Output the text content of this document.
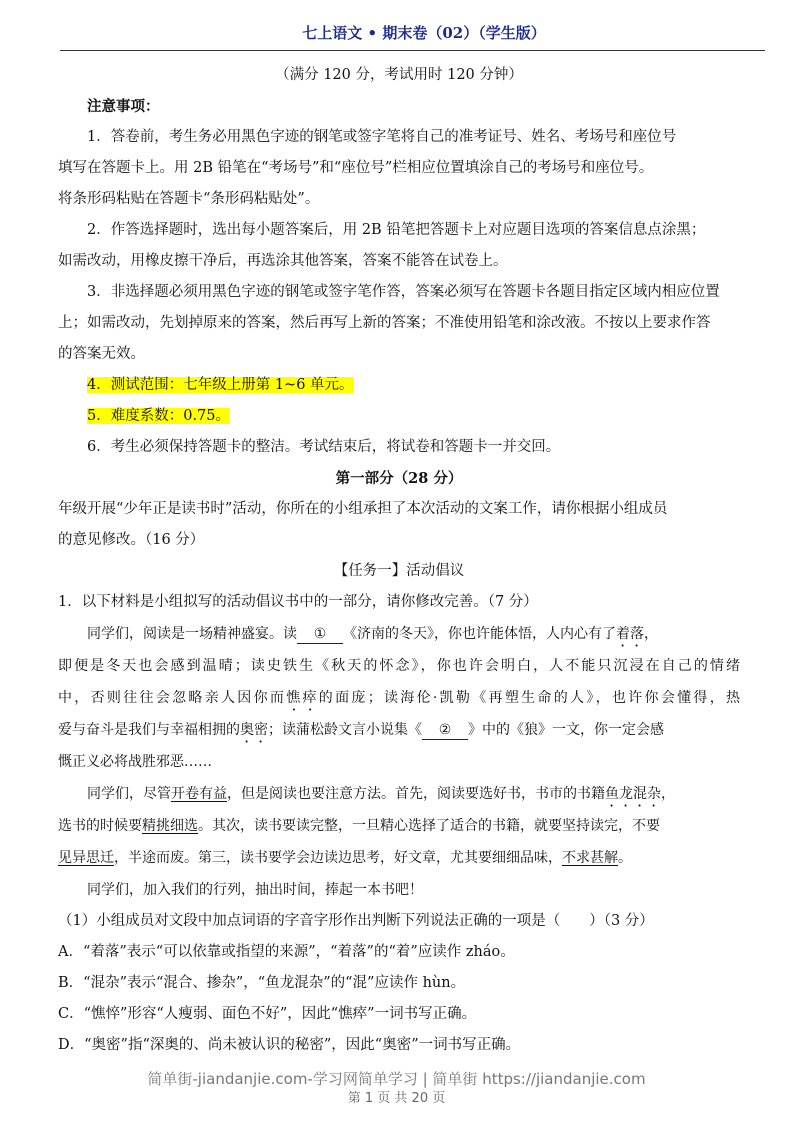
七上语文 • 期末卷（02）（学生版）
（满分 120 分，考试用时 120 分钟）
注意事项：
1．答卷前，考生务必用黑色字迹的钢笔或签字笔将自己的准考证号、姓名、考场号和座位号
填写在答题卡上。用 2B 铅笔在“考场号”和“座位号”栏相应位置填涂自己的考场号和座位号。
将条形码粘贴在答题卡“条形码粘贴处”。
2．作答选择题时，选出每小题答案后，用 2B 铅笔把答题卡上对应题目选项的答案信息点涂黑；
如需改动，用橡皮擦干净后，再选涂其他答案，答案不能答在试卷上。
3．非选择题必须用黑色字迹的钢笔或签字笔作答，答案必须写在答题卡各题目指定区域内相应位置
上；如需改动，先划掉原来的答案，然后再写上新的答案；不准使用铅笔和涂改液。不按以上要求作答
的答案无效。
4．测试范围：七年级上册第 1~6 单元。
5．难度系数：0.75。
6．考生必须保持答题卡的整洁。考试结束后，将试卷和答题卡一并交回。
第一部分（28 分）
年级开展“少年正是读书时”活动，你所在的小组承担了本次活动的文案工作，请你根据小组成员
的意见修改。（16 分）
【任务一】活动倡议
1．以下材料是小组拟写的活动倡议书中的一部分，请你修改完善。（7 分）
同学们，阅读是一场精神盛宴。读 ① 《济南的冬天》，你也许能体悟，人内心有了着落，
即便是冬天也会感到温晴；读史铁生《秋天的怀念》，你也许会明白，人不能只沉浸在自己的情绪
中，否则往往会忽略亲人因你而憔瘁的面庞；读海伦·凯勒《再塑生命的人》，也许你会懂得，热
爱与奋斗是我们与幸福相拥的奥密；读蒲松龄文言小说集《 ② 》中的《狼》一文，你一定会感
慨正义必将战胜邪恶……
同学们，尽管开卷有益，但是阅读也要注意方法。首先，阅读要选好书，书市的书籍鱼龙混杂，
选书的时候要精挑细选。其次，读书要读完整，一旦精心选择了适合的书籍，就要坚持读完，不要
见异思迁，半途而废。第三，读书要学会边读边思考，好文章，尤其要细细品味，不求甚解。
同学们，加入我们的行列，抽出时间，捧起一本书吧！
（1）小组成员对文段中加点词语的字音字形作出判断下列说法正确的一项是（　　）（3 分）
A．“着落”表示“可以依靠或指望的来源”，“着落”的“着”应读作 zháo。
B．“混杂”表示“混合、掺杂”，“鱼龙混杂”的“混”应读作 hùn。
C．“憔悴”形容“人瘦弱、面色不好”，因此“憔瘁”一词书写正确。
D．“奥密”指“深奥的、尚未被认识的秘密”，因此“奥密”一词书写正确。
简单街-jiandanjie.com-学习网简单学习 | 简单街 https://jiandanjie.com
第 1 页 共 20 页
